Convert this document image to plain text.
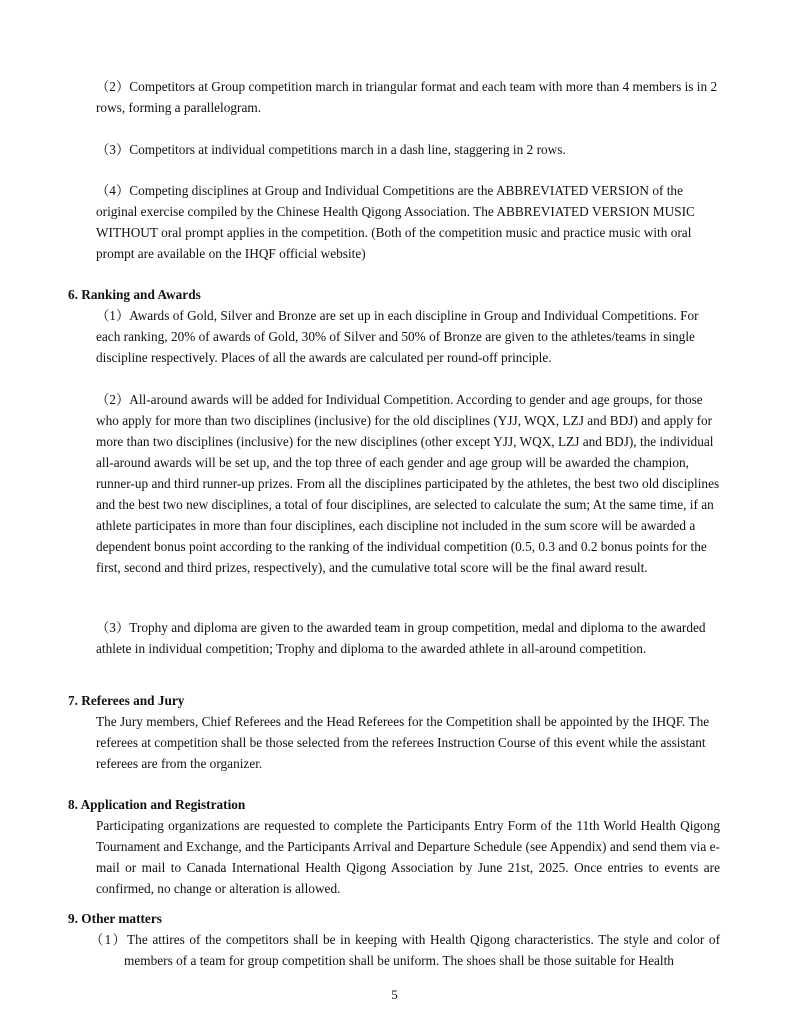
（2）Competitors at Group competition march in triangular format and each team with more than 4 members is in 2 rows, forming a parallelogram.

（3）Competitors at individual competitions march in a dash line, staggering in 2 rows.

（4）Competing disciplines at Group and Individual Competitions are the ABBREVIATED VERSION of the original exercise compiled by the Chinese Health Qigong Association. The ABBREVIATED VERSION MUSIC WITHOUT oral prompt applies in the competition. (Both of the competition music and practice music with oral prompt are available on the IHQF official website)

6. Ranking and Awards

（1）Awards of Gold, Silver and Bronze are set up in each discipline in Group and Individual Competitions. For each ranking, 20% of awards of Gold, 30% of Silver and 50% of Bronze are given to the athletes/teams in single discipline respectively. Places of all the awards are calculated per round-off principle.

（2）All-around awards will be added for Individual Competition. According to gender and age groups, for those who apply for more than two disciplines (inclusive) for the old disciplines (YJJ, WQX, LZJ and BDJ) and apply for more than two disciplines (inclusive) for the new disciplines (other except YJJ, WQX, LZJ and BDJ), the individual all-around awards will be set up, and the top three of each gender and age group will be awarded the champion, runner-up and third runner-up prizes. From all the disciplines participated by the athletes, the best two old disciplines and the best two new disciplines, a total of four disciplines, are selected to calculate the sum; At the same time, if an athlete participates in more than four disciplines, each discipline not included in the sum score will be awarded a dependent bonus point according to the ranking of the individual competition (0.5, 0.3 and 0.2 bonus points for the first, second and third prizes, respectively), and the cumulative total score will be the final award result.

（3）Trophy and diploma are given to the awarded team in group competition, medal and diploma to the awarded athlete in individual competition; Trophy and diploma to the awarded athlete in all-around competition.

7. Referees and Jury

The Jury members, Chief Referees and the Head Referees for the Competition shall be appointed by the IHQF. The referees at competition shall be those selected from the referees Instruction Course of this event while the assistant referees are from the organizer.

8. Application and Registration

Participating organizations are requested to complete the Participants Entry Form of the 11th World Health Qigong Tournament and Exchange, and the Participants Arrival and Departure Schedule (see Appendix) and send them via e-mail or mail to Canada International Health Qigong Association by June 21st, 2025. Once entries to events are confirmed, no change or alteration is allowed.

9. Other matters

（1）The attires of the competitors shall be in keeping with Health Qigong characteristics. The style and color of members of a team for group competition shall be uniform. The shoes shall be those suitable for Health

5
